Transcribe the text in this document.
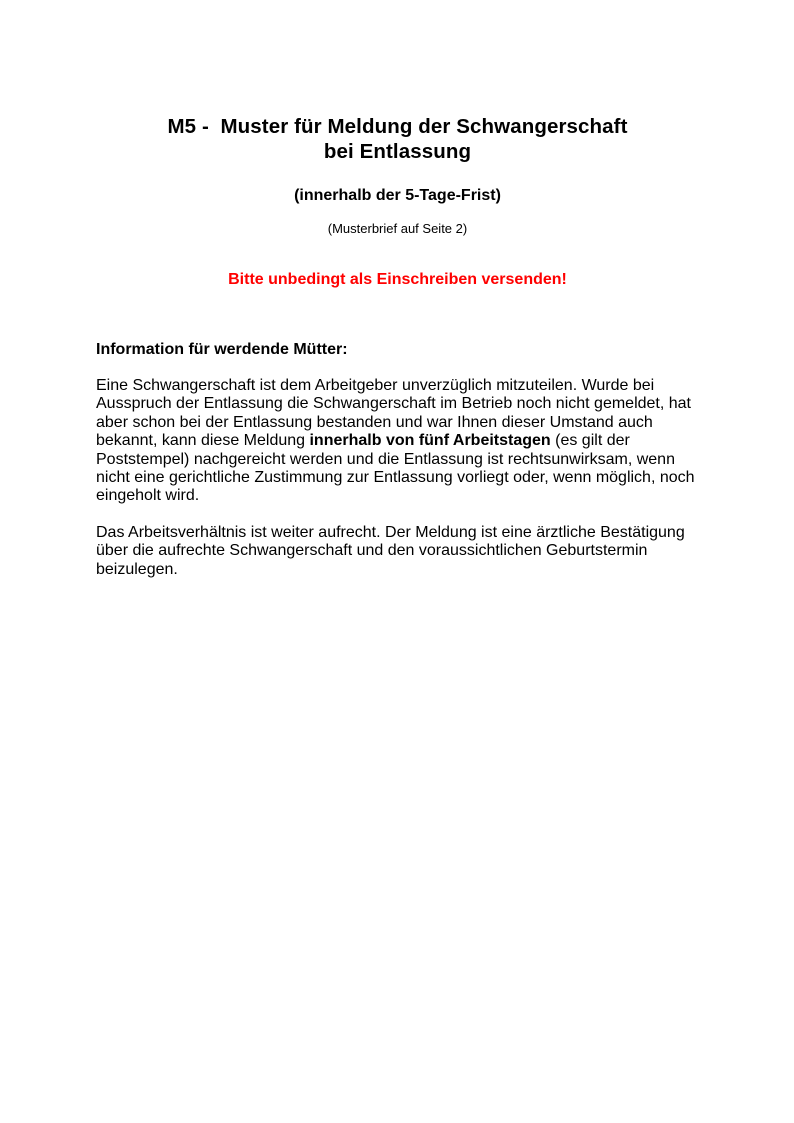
M5 -  Muster für Meldung der Schwangerschaft
bei Entlassung
(innerhalb der 5-Tage-Frist)
(Musterbrief auf Seite 2)
Bitte unbedingt als Einschreiben versenden!
Information für werdende Mütter:
Eine Schwangerschaft ist dem Arbeitgeber unverzüglich mitzuteilen. Wurde bei
Ausspruch der Entlassung die Schwangerschaft im Betrieb noch nicht gemeldet, hat
aber schon bei der Entlassung bestanden und war Ihnen dieser Umstand auch
bekannt, kann diese Meldung innerhalb von fünf Arbeitstagen (es gilt der
Poststempel) nachgereicht werden und die Entlassung ist rechtsunwirksam, wenn
nicht eine gerichtliche Zustimmung zur Entlassung vorliegt oder, wenn möglich, noch
eingeholt wird.
Das Arbeitsverhältnis ist weiter aufrecht. Der Meldung ist eine ärztliche Bestätigung
über die aufrechte Schwangerschaft und den voraussichtlichen Geburtstermin
beizulegen.
